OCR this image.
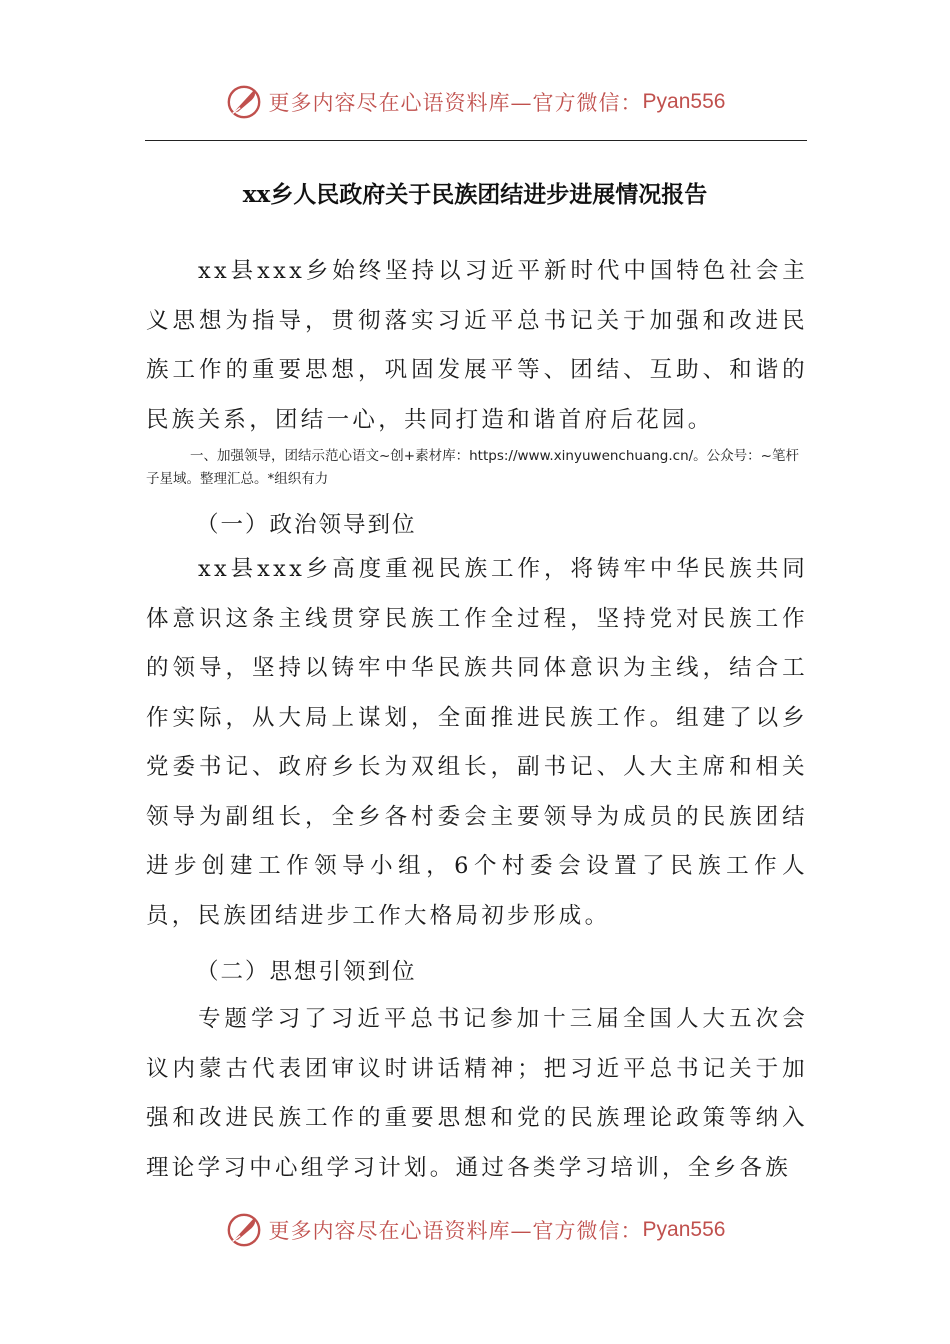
更多内容尽在心语资料库—官方微信： Pyan556
xx乡人民政府关于民族团结进步进展情况报告

xx县xxx乡始终坚持以习近平新时代中国特色社会主义思想为指导，贯彻落实习近平总书记关于加强和改进民族工作的重要思想，巩固发展平等、团结、互助、和谐的民族关系，团结一心，共同打造和谐首府后花园。

一、加强领导，团结示范心语文~创+素材库：https://www.xinyuwenchuang.cn/。公众号：~笔杆子星域。整理汇总。*组织有力

（一）政治领导到位

xx县xxx乡高度重视民族工作，将铸牢中华民族共同体意识这条主线贯穿民族工作全过程，坚持党对民族工作的领导，坚持以铸牢中华民族共同体意识为主线，结合工作实际，从大局上谋划，全面推进民族工作。组建了以乡党委书记、政府乡长为双组长，副书记、人大主席和相关领导为副组长，全乡各村委会主要领导为成员的民族团结进步创建工作领导小组，6个村委会设置了民族工作人员，民族团结进步工作大格局初步形成。

（二）思想引领到位

专题学习了习近平总书记参加十三届全国人大五次会议内蒙古代表团审议时讲话精神；把习近平总书记关于加强和改进民族工作的重要思想和党的民族理论政策等纳入理论学习中心组学习计划。通过各类学习培训，全乡各族

更多内容尽在心语资料库—官方微信： Pyan556
